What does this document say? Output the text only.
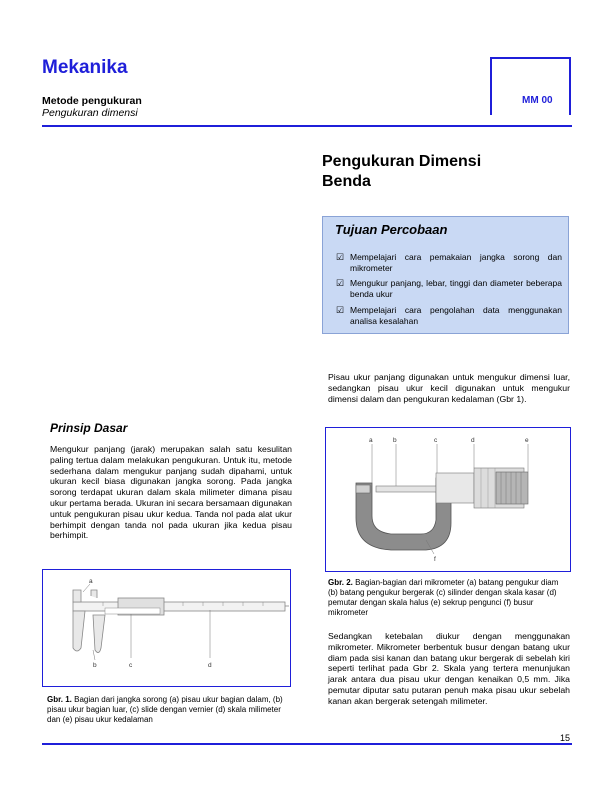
Mekanika
Metode pengukuran
Pengukuran dimensi
MM 00
Pengukuran Dimensi
Benda
Tujuan Percobaan
☑ Mempelajari cara pemakaian jangka sorong dan mikrometer
☑ Mengukur panjang, lebar, tinggi dan diameter beberapa benda ukur
☑ Mempelajari cara pengolahan data menggunakan analisa kesalahan
Pisau ukur panjang digunakan untuk mengukur dimensi luar, sedangkan pisau ukur kecil digunakan untuk mengukur dimensi dalam dan pengukuran kedalaman (Gbr 1).
Prinsip Dasar
Mengukur panjang (jarak) merupakan salah satu kesulitan paling tertua dalam melakukan pengukuran. Untuk itu, metode sederhana dalam mengukur panjang sudah dipahami, untuk ukuran kecil biasa digunakan jangka sorong. Pada jangka sorong terdapat ukuran dalam skala milimeter dimana pisau ukur pertama berada. Ukuran ini secara bersamaan digunakan untuk pengukuran pisau ukur kedua. Tanda nol pada alat ukur berhimpit dengan tanda nol pada ukuran jika kedua pisau berhimpit.
a
b	c	d
Gbr. 1. Bagian dari jangka sorong (a) pisau ukur bagian dalam, (b) pisau ukur bagian luar, (c) slide dengan vernier (d) skala milimeter dan (e) pisau ukur kedalaman
a	b	c	d	e
f
Gbr. 2. Bagian-bagian dari mikrometer (a) batang pengukur diam (b) batang pengukur bergerak (c) silinder dengan skala kasar (d) pemutar dengan skala halus (e) sekrup pengunci (f) busur mikrometer
Sedangkan ketebalan diukur dengan menggunakan mikrometer. Mikrometer berbentuk busur dengan batang ukur diam pada sisi kanan dan batang ukur bergerak di sebelah kiri seperti terlihat pada Gbr 2. Skala yang tertera menunjukan jarak antara dua pisau ukur dengan kenaikan 0,5 mm. Jika pemutar diputar satu putaran penuh maka pisau ukur sebelah kanan akan bergerak setengah milimeter.
15
